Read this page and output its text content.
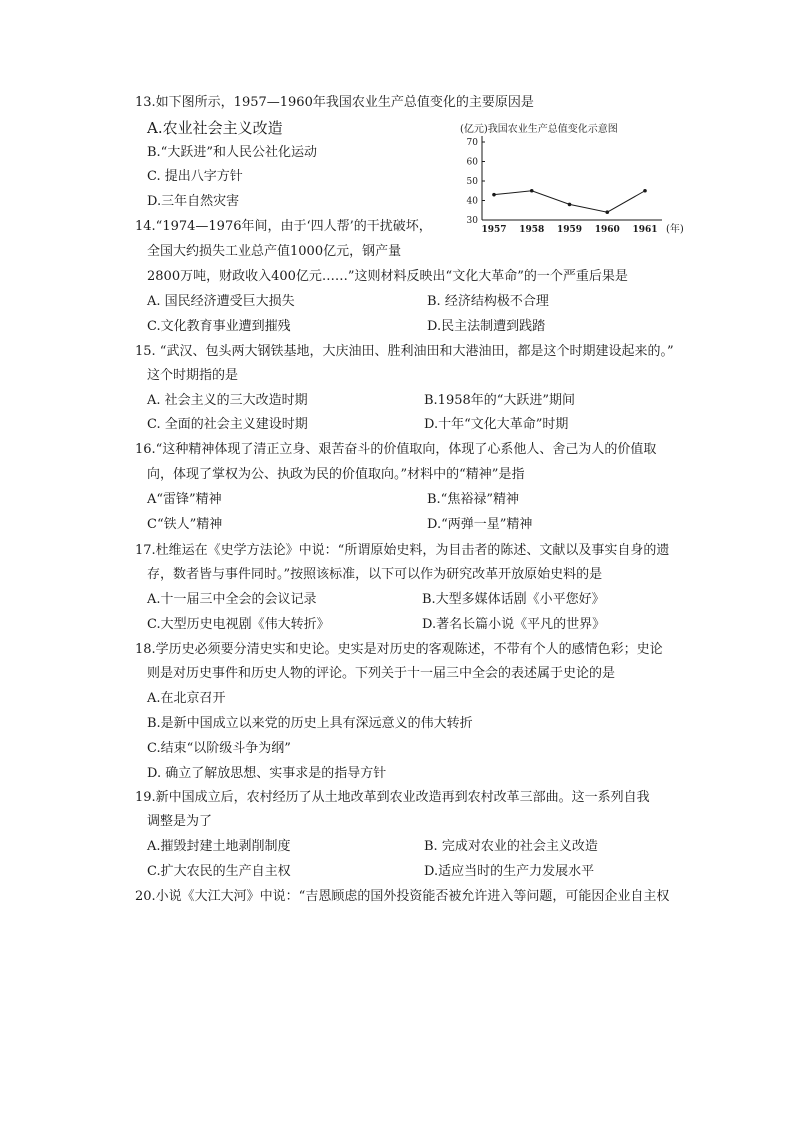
13.如下图所示，1957—1960年我国农业生产总值变化的主要原因是
A.农业社会主义改造
B.“大跃进”和人民公社化运动
C. 提出八字方针
D.三年自然灾害
(亿元)我国农业生产总值变化示意图
70
60
50
40
30
1957 1958 1959 1960 1961 (年)
14.“1974—1976年间，由于‘四人帮’的干扰破坏，
全国大约损失工业总产值1000亿元，钢产量
2800万吨，财政收入400亿元……”这则材料反映出“文化大革命”的一个严重后果是
A. 国民经济遭受巨大损失	B. 经济结构极不合理
C.文化教育事业遭到摧残	D.民主法制遭到践踏
15. “武汉、包头两大钢铁基地，大庆油田、胜利油田和大港油田，都是这个时期建设起来的。”
这个时期指的是
A. 社会主义的三大改造时期	B.1958年的“大跃进”期间
C. 全面的社会主义建设时期	D.十年“文化大革命”时期
16.“这种精神体现了清正立身、艰苦奋斗的价值取向，体现了心系他人、舍己为人的价值取
向，体现了掌权为公、执政为民的价值取向。”材料中的“精神”是指
A“雷锋”精神	B.“焦裕禄”精神
C“铁人”精神	D.“两弹一星”精神
17.杜维运在《史学方法论》中说：“所谓原始史料，为目击者的陈述、文献以及事实自身的遗
存，数者皆与事件同时。”按照该标准，以下可以作为研究改革开放原始史料的是
A.十一届三中全会的会议记录	B.大型多媒体话剧《小平您好》
C.大型历史电视剧《伟大转折》	D.著名长篇小说《平凡的世界》
18.学历史必须要分清史实和史论。史实是对历史的客观陈述，不带有个人的感情色彩；史论
则是对历史事件和历史人物的评论。下列关于十一届三中全会的表述属于史论的是
A.在北京召开
B.是新中国成立以来党的历史上具有深远意义的伟大转折
C.结束“以阶级斗争为纲”
D. 确立了解放思想、实事求是的指导方针
19.新中国成立后，农村经历了从土地改革到农业改造再到农村改革三部曲。这一系列自我
调整是为了
A.摧毁封建土地剥削制度	B. 完成对农业的社会主义改造
C.扩大农民的生产自主权	D.适应当时的生产力发展水平
20.小说《大江大河》中说：“吉恩顾虑的国外投资能否被允许进入等问题，可能因企业自主权
